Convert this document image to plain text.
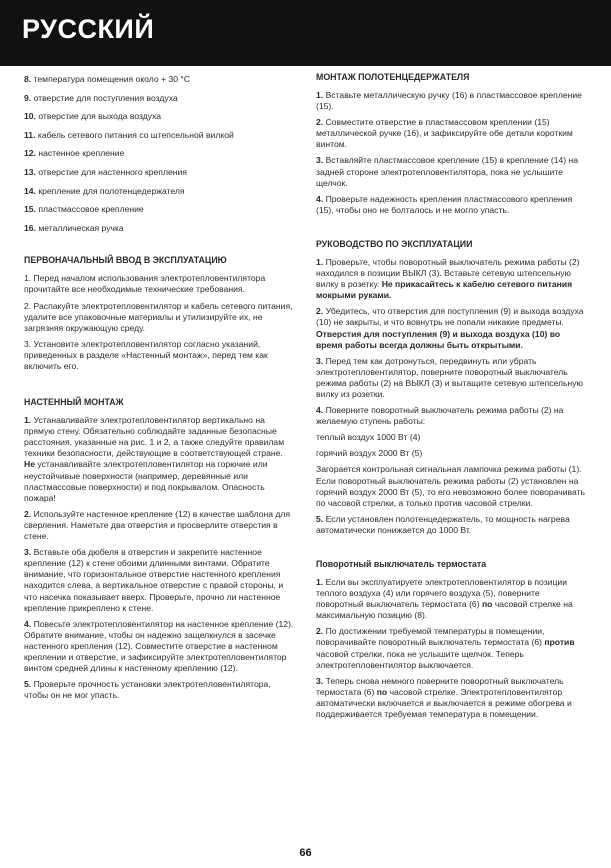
РУССКИЙ
8. температура помещения около + 30 °C
9. отверстие для поступления воздуха
10. отверстие для выхода воздуха
11. кабель сетевого питания со штепсельной вилкой
12. настенное крепление
13. отверстие для настенного крепления
14. крепление для полотенцедержателя
15. пластмассовое крепление
16. металлическая ручка
ПЕРВОНАЧАЛЬНЫЙ ВВОД В ЭКСПЛУАТАЦИЮ

1. Перед началом использования электротепловентилятора прочитайте все необходимые технические требования.

2. Распакуйте электротепловентилятор и кабель сетевого питания, удалите все упаковочные материалы и утилизируйте их, не загрязняя окружающую среду.

3. Установите электротепловентилятор согласно указаний, приведенных в разделе «Настенный монтаж», перед тем как включить его.

НАСТЕННЫЙ МОНТАЖ

1. Устанавливайте электротепловентилятор вертикально на прямую стену. Обязательно соблюдайте заданные безопасные расстояния, указанные на рис. 1 и 2, а также следуйте правилам техники безопасности, действующие в соответствующей стране. Не устанавливайте электротепловентилятор на горючие или неустойчивые поверхности (например, деревянные или пластмассовые поверхности) и под покрывалом. Опасность пожара!

2. Используйте настенное крепление (12) в качестве шаблона для сверления. Наметьте два отверстия и просверлите отверстия в стене.

3. Вставьте оба дюбеля в отверстия и закрепите настенное крепление (12) к стене обоими длинными винтами. Обратите внимание, что горизонтальное отверстие настенного крепления находится слева, а вертикальное отверстие с правой стороны, и что насечка показывает вверх. Проверьте, прочно ли настенное крепление прикреплено к стене.

4. Повесьте электротепловентилятор на настенное крепление (12). Обратите внимание, чтобы он надежно защелкнулся в засечке настенного крепления (12). Совместите отверстие в настенном креплении и отверстие, и зафиксируйте электротепловентилятор винтом средней длины к настенному креплению (12).

5. Проверьте прочность установки электротепловентилятора, чтобы он не мог упасть.

МОНТАЖ ПОЛОТЕНЦЕДЕРЖАТЕЛЯ

1. Вставьте металлическую ручку (16) в пластмассовое крепление (15).

2. Совместите отверстие в пластмассовом креплении (15) металлической ручке (16), и зафиксируйте обе детали коротким винтом.

3. Вставляйте пластмассовое крепление (15) в крепление (14) на задней стороне электротепловентилятора, пока не услышите щелчок.

4. Проверьте надежность крепления пластмассового крепления (15), чтобы оно не болталось и не могло упасть.

РУКОВОДСТВО ПО ЭКСПЛУАТАЦИИ

1. Проверьте, чтобы поворотный выключатель режима работы (2) находился в позиции ВЫКЛ (3). Вставьте сетевую штепсельную вилку в розетку. Не прикасайтесь к кабелю сетевого питания мокрыми руками.

2. Убедитесь, что отверстия для поступления (9) и выхода воздуха (10) не закрыты, и что вовнутрь не попали никакие предметы. Отверстия для поступления (9) и выхода воздуха (10) во время работы всегда должны быть открытыми.

3. Перед тем как дотронуться, передвинуть или убрать электротепловентилятор, поверните поворотный выключатель режима работы (2) на ВЫКЛ (3) и вытащите сетевую штепсельную вилку из розетки.

4. Поверните поворотный выключатель режима работы (2) на желаемую ступень работы:

теплый воздух 1000 Вт (4)

горячий воздух 2000 Вт (5)

Загорается контрольная сигнальная лампочка режима работы (1). Если поворотный выключатель режима работы (2) установлен на горячий воздух 2000 Вт (5), то его невозможно более поворачивать по часовой стрелки, а только против часовой стрелки.

5. Если установлен полотенцедержатель, то мощность нагрева автоматически понижается до 1000 Вт.

Поворотный выключатель термостата

1. Если вы эксплуатируете электротепловентилятор в позиции теплого воздуха (4) или горячего воздуха (5), поверните поворотный выключатель термостата (6) по часовой стрелке на максимальную позицию (8).

2. По достижении требуемой температуры в помещении, поворачивайте поворотный выключатель термостата (6) против часовой стрелки, пока не услышите щелчок. Теперь электротепловентилятор выключается.

3. Теперь снова немного поверните поворотный выключатель термостата (6) по часовой стрелке. Электротепловентилятор автоматически включается и выключается в режиме обогрева и поддерживается требуемая температура в помещении.

66
